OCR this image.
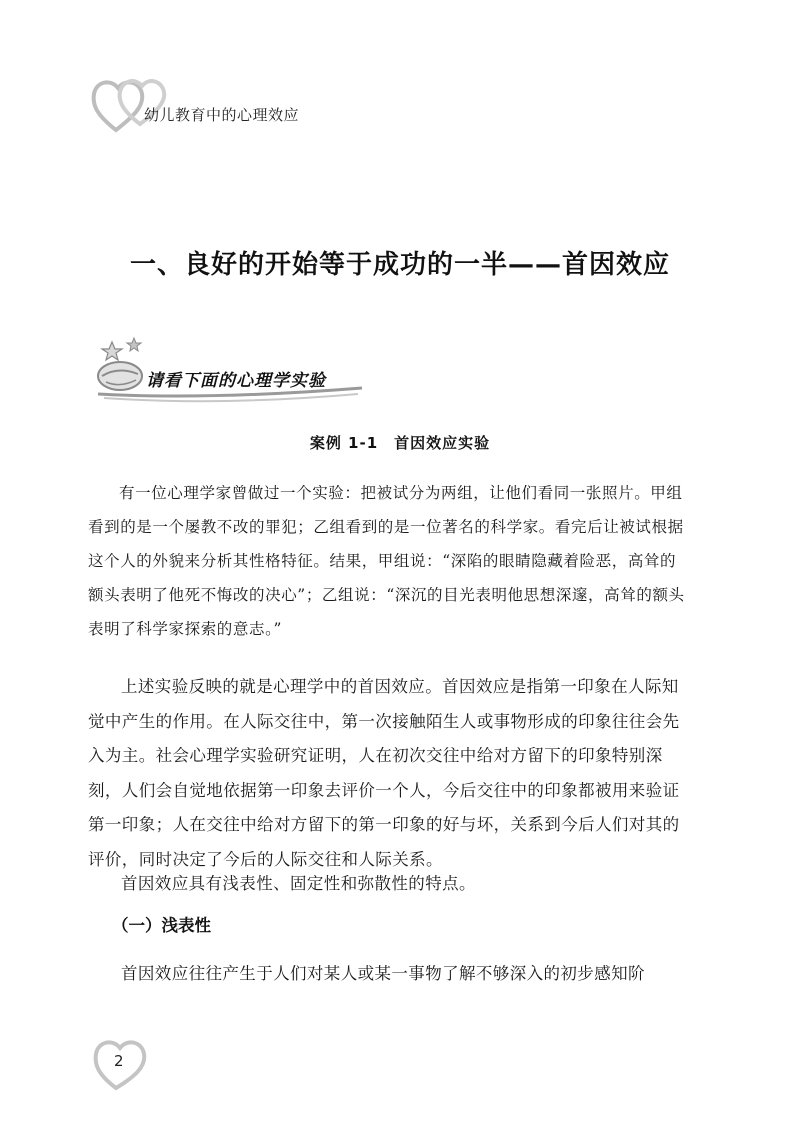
幼儿教育中的心理效应
一、良好的开始等于成功的一半——首因效应
请看下面的心理学实验
案例 1-1　首因效应实验
有一位心理学家曾做过一个实验：把被试分为两组，让他们看同一张照片。甲组看到的是一个屡教不改的罪犯；乙组看到的是一位著名的科学家。看完后让被试根据这个人的外貌来分析其性格特征。结果，甲组说：“深陷的眼睛隐藏着险恶，高耸的额头表明了他死不悔改的决心”；乙组说：“深沉的目光表明他思想深邃，高耸的额头表明了科学家探索的意志。”
上述实验反映的就是心理学中的首因效应。首因效应是指第一印象在人际知觉中产生的作用。在人际交往中，第一次接触陌生人或事物形成的印象往往会先入为主。社会心理学实验研究证明，人在初次交往中给对方留下的印象特别深刻，人们会自觉地依据第一印象去评价一个人，今后交往中的印象都被用来验证第一印象；人在交往中给对方留下的第一印象的好与坏，关系到今后人们对其的评价，同时决定了今后的人际交往和人际关系。
首因效应具有浅表性、固定性和弥散性的特点。
（一）浅表性
首因效应往往产生于人们对某人或某一事物了解不够深入的初步感知阶
2
